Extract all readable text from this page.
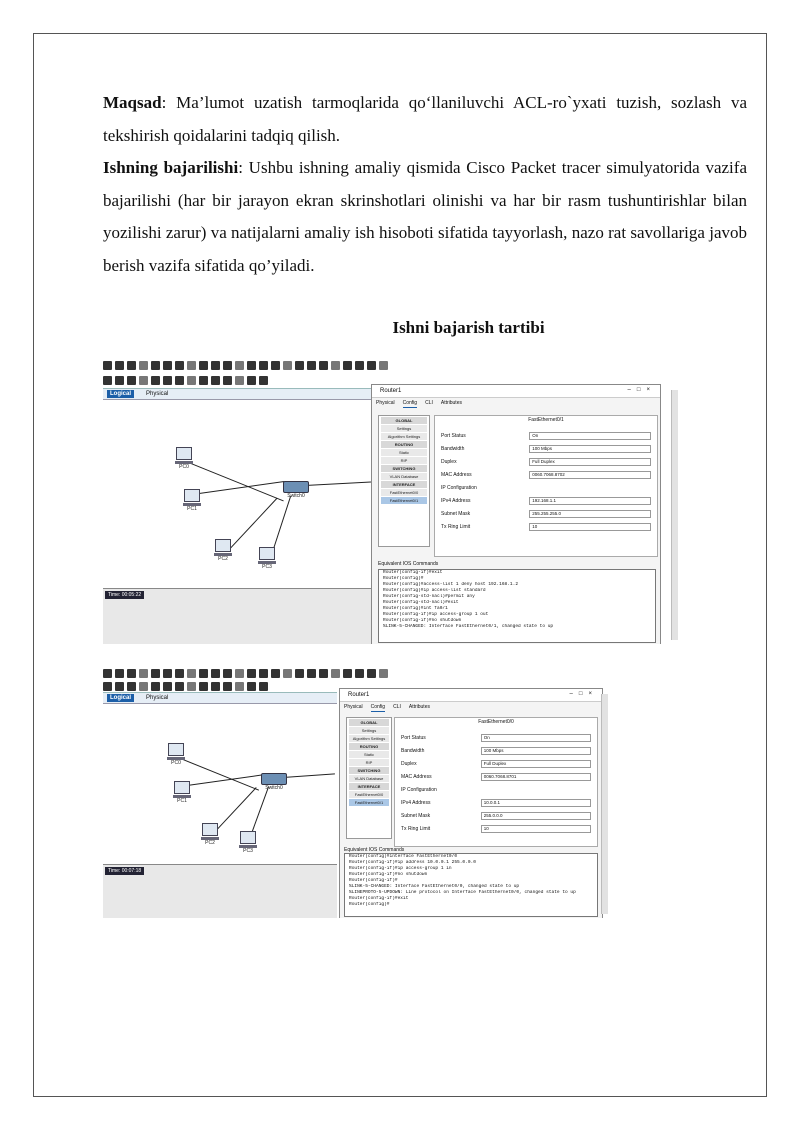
Maqsad: Ma’lumot uzatish tarmoqlarida qo‘llaniluvchi ACL-ro`yxati tuzish, sozlash va tekshirish qoidalarini tadqiq qilish.

Ishning bajarilishi: Ushbu ishning amaliy qismida Cisco Packet tracer simulyatorida vazifa bajarilishi (har bir jarayon ekran skrinshotlari olinishi va har bir rasm tushuntirishlar bilan yozilishi zarur) va natijalarni amaliy ish hisoboti sifatida tayyorlash, nazo rat savollariga javob berish vazifa sifatida qo’yiladi.

Ishni bajarish tartibi

Logical	Physical
PC0
PC1
PC2
PC3
Switch0
Time: 00:05:22
Router1	–□×
Physical Config CLI Attributes
GLOBAL
Settings
Algorithm Settings
ROUTING
Static
RIP
SWITCHING
VLAN Database
INTERFACE
FastEthernet0/0
FastEthernet0/1
FastEthernet0/1
Port Status	On
Bandwidth	100 Mbps
Duplex	Full Duplex
MAC Address	0060.7068.8702
IP Configuration
IPv4 Address	192.168.1.1
Subnet Mask	255.255.255.0
Tx Ring Limit	10
Equivalent IOS Commands
Router(config-if)#exit
Router(config)#
Router(config)#access-list 1 deny host 192.168.1.2
Router(config)#ip access-list standard
Router(config-std-nacl)#permit any
Router(config-std-nacl)#exit
Router(config)#int fa0/1
Router(config-if)#ip access-group 1 out
Router(config-if)#no shutdown
%LINK-5-CHANGED: Interface FastEthernet0/1, changed state to up
Logical	Physical
PC0
PC1
PC2
PC3
Switch0
Time: 00:07:18
Router1	–□×
Physical Config CLI Attributes
GLOBAL
Settings
Algorithm Settings
ROUTING
Static
RIP
SWITCHING
VLAN Database
INTERFACE
FastEthernet0/0
FastEthernet0/1
FastEthernet0/0
Port Status	On
Bandwidth	100 Mbps
Duplex	Full Duplex
MAC Address	0060.7068.8701
IP Configuration
IPv4 Address	10.0.0.1
Subnet Mask	255.0.0.0
Tx Ring Limit	10
Equivalent IOS Commands
Router(config)#interface FastEthernet0/0
Router(config-if)#ip address 10.0.0.1 255.0.0.0
Router(config-if)#ip access-group 1 in
Router(config-if)#no shutdown
Router(config-if)#
%LINK-5-CHANGED: Interface FastEthernet0/0, changed state to up
%LINEPROTO-5-UPDOWN: Line protocol on Interface FastEthernet0/0, changed state to up
Router(config-if)#exit
Router(config)#
